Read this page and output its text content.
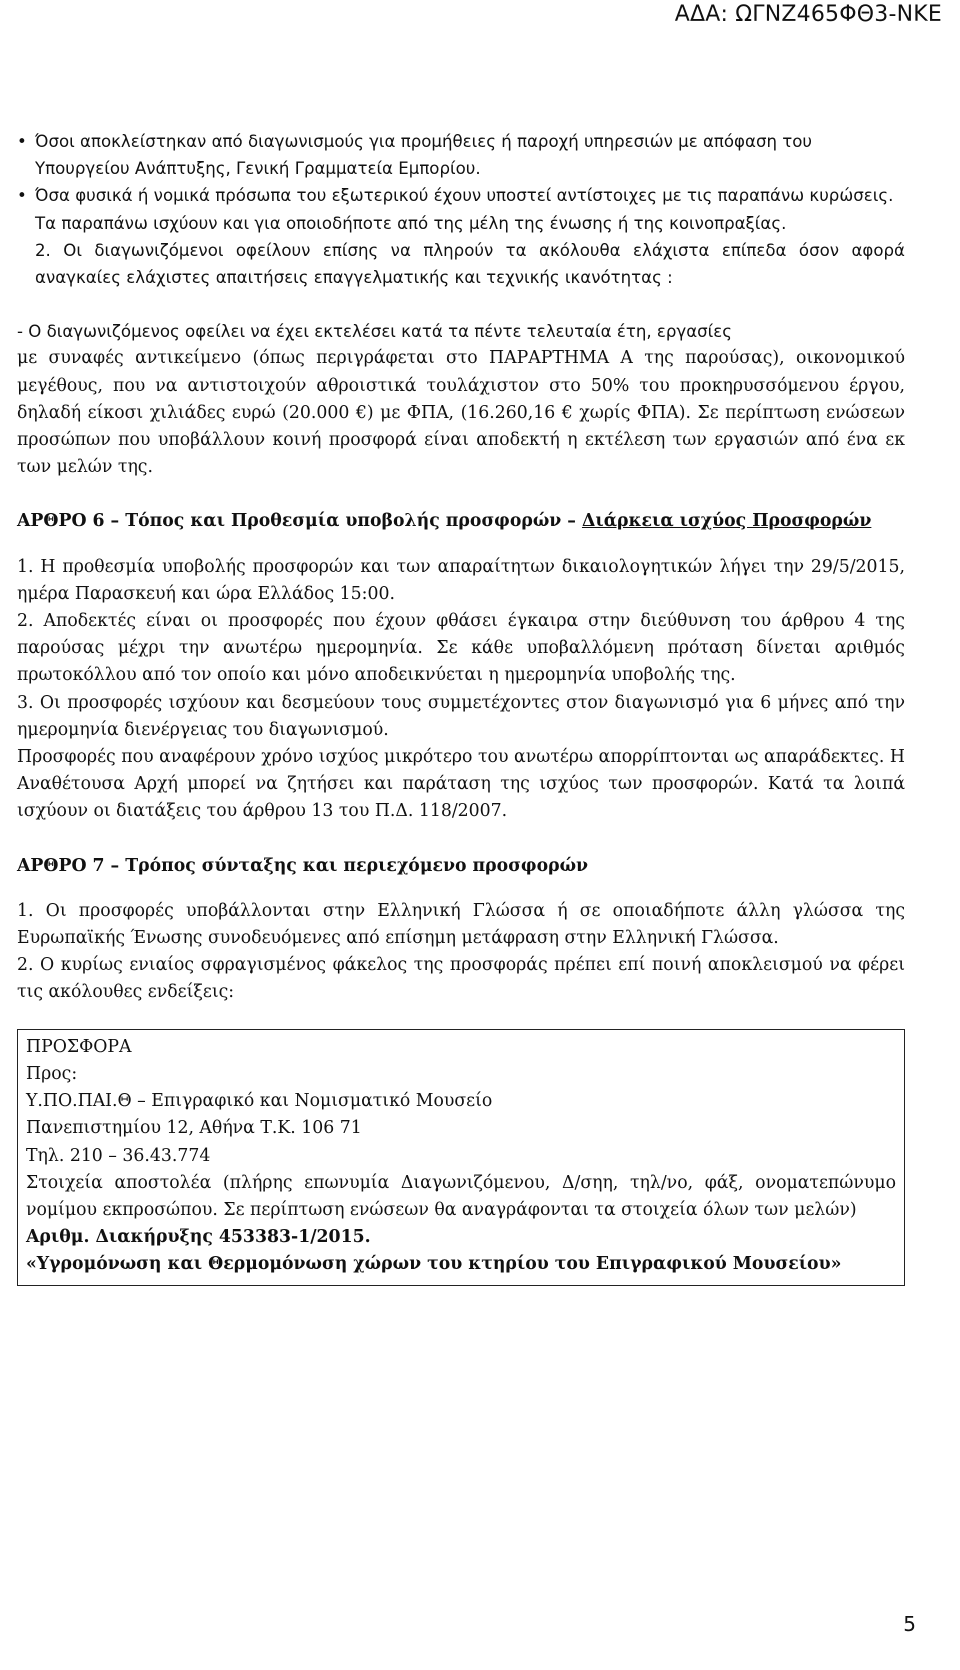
ΑΔΑ: ΩΓΝΖ465ΦΘ3-ΝΚΕ

• Όσοι αποκλείστηκαν από διαγωνισμούς για προμήθειες ή παροχή υπηρεσιών με απόφαση του Υπουργείου Ανάπτυξης, Γενική Γραμματεία Εμπορίου.

• Όσα φυσικά ή νομικά πρόσωπα του εξωτερικού έχουν υποστεί αντίστοιχες με τις παραπάνω κυρώσεις.

Τα παραπάνω ισχύουν και για οποιοδήποτε από της μέλη της ένωσης ή της κοινοπραξίας.

2. Οι διαγωνιζόμενοι οφείλουν επίσης να πληρούν τα ακόλουθα ελάχιστα επίπεδα όσον αφορά αναγκαίες ελάχιστες απαιτήσεις επαγγελματικής και τεχνικής ικανότητας :

- Ο διαγωνιζόμενος οφείλει να έχει εκτελέσει κατά τα πέντε τελευταία έτη, εργασίες

με συναφές αντικείμενο (όπως περιγράφεται στο ΠΑΡΑΡΤΗΜΑ Α της παρούσας), οικονομικού μεγέθους, που να αντιστοιχούν αθροιστικά τουλάχιστον στο 50% του προκηρυσσόμενου έργου, δηλαδή είκοσι χιλιάδες ευρώ (20.000 €) με ΦΠΑ, (16.260,16 € χωρίς ΦΠΑ). Σε περίπτωση ενώσεων προσώπων που υποβάλλουν κοινή προσφορά είναι αποδεκτή η εκτέλεση των εργασιών από ένα εκ των μελών της.

ΑΡΘΡΟ 6 – Τόπος και Προθεσμία υποβολής προσφορών – Διάρκεια ισχύος Προσφορών

1. Η προθεσμία υποβολής προσφορών και των απαραίτητων δικαιολογητικών λήγει την 29/5/2015, ημέρα Παρασκευή και ώρα Ελλάδος 15:00.

2. Αποδεκτές είναι οι προσφορές που έχουν φθάσει έγκαιρα στην διεύθυνση του άρθρου 4 της παρούσας μέχρι την ανωτέρω ημερομηνία. Σε κάθε υποβαλλόμενη πρόταση δίνεται αριθμός πρωτοκόλλου από τον οποίο και μόνο αποδεικνύεται η ημερομηνία υποβολής της.

3. Οι προσφορές ισχύουν και δεσμεύουν τους συμμετέχοντες στον διαγωνισμό για 6 μήνες από την ημερομηνία διενέργειας του διαγωνισμού.

Προσφορές που αναφέρουν χρόνο ισχύος μικρότερο του ανωτέρω απορρίπτονται ως απαράδεκτες. Η Αναθέτουσα Αρχή μπορεί να ζητήσει και παράταση της ισχύος των προσφορών. Κατά τα λοιπά ισχύουν οι διατάξεις του άρθρου 13 του Π.Δ. 118/2007.

ΑΡΘΡΟ 7 – Τρόπος σύνταξης και περιεχόμενο προσφορών

1. Οι προσφορές υποβάλλονται στην Ελληνική Γλώσσα ή σε οποιαδήποτε άλλη γλώσσα της Ευρωπαϊκής Ένωσης συνοδευόμενες από επίσημη μετάφραση στην Ελληνική Γλώσσα.

2. Ο κυρίως ενιαίος σφραγισμένος φάκελος της προσφοράς πρέπει επί ποινή αποκλεισμού να φέρει τις ακόλουθες ενδείξεις:

ΠΡΟΣΦΟΡΑ

Προς:

Υ.ΠΟ.ΠΑΙ.Θ – Επιγραφικό και Νομισματικό Μουσείο

Πανεπιστημίου 12, Αθήνα Τ.Κ. 106 71

Τηλ. 210 – 36.43.774

Στοιχεία αποστολέα (πλήρης επωνυμία Διαγωνιζόμενου, Δ/σηη, τηλ/νο, φάξ, ονοματεπώνυμο νομίμου εκπροσώπου. Σε περίπτωση ενώσεων θα αναγράφονται τα στοιχεία όλων των μελών)

Αριθμ. Διακήρυξης 453383-1/2015.

«Υγρομόνωση και Θερμομόνωση χώρων του κτηρίου του Επιγραφικού Μουσείου»

5
